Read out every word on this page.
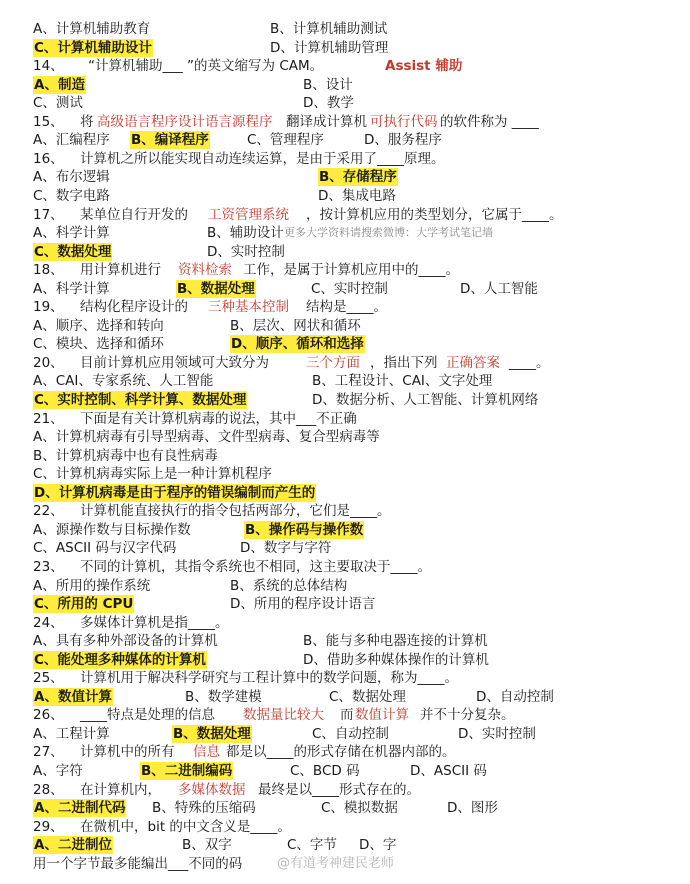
A、计算机辅助教育	B、计算机辅助测试
C、计算机辅助设计	D、计算机辅助管理
14、 “计算机辅助___ ”的英文缩写为 CAM。	Assist 辅助
A、制造	B、设计
C、测试	D、教学
15、 将 高级语言程序设计语言源程序 翻译成计算机 可执行代码 的软件称为 ____
A、汇编程序 B、编译程序	C、管理程序	D、服务程序
16、 计算机之所以能实现自动连续运算，是由于采用了____原理。
A、布尔逻辑	B、存储程序
C、数字电路	D、集成电路
17、 某单位自行开发的 工资管理系统 ，按计算机应用的类型划分，它属于____。
A、科学计算	B、辅助设计 更多大学资料请搜索微博：大学考试笔记墙
C、数据处理	D、实时控制
18、 用计算机进行 资料检索 工作，是属于计算机应用中的____。
A、科学计算	B、数据处理	C、实时控制	D、人工智能
19、 结构化程序设计的 三种基本控制 结构是____。
A、顺序、选择和转向	B、层次、网状和循环
C、模块、选择和循环	D、顺序、循环和选择
20、 目前计算机应用领域可大致分为	三个方面 ，指出下列 正确答案 ____。
A、CAI、专家系统、人工智能	B、工程设计、CAI、文字处理
C、实时控制、科学计算、数据处理	D、数据分析、人工智能、计算机网络
21、 下面是有关计算机病毒的说法，其中___不正确
A、计算机病毒有引导型病毒、文件型病毒、复合型病毒等
B、计算机病毒中也有良性病毒
C、计算机病毒实际上是一种计算机程序
D、计算机病毒是由于程序的错误编制而产生的
22、 计算机能直接执行的指令包括两部分，它们是____。
A、源操作数与目标操作数	B、操作码与操作数
C、ASCII 码与汉字代码	D、数字与字符
23、 不同的计算机，其指令系统也不相同，这主要取决于____。
A、所用的操作系统	B、系统的总体结构
C、所用的 CPU	D、所用的程序设计语言
24、 多媒体计算机是指____。
A、具有多种外部设备的计算机	B、能与多种电器连接的计算机
C、能处理多种媒体的计算机	D、借助多种媒体操作的计算机
25、 计算机用于解决科学研究与工程计算中的数学问题，称为____。
A、数值计算	B、数学建模	C、数据处理	D、自动控制
26、 ____特点是处理的信息 数据量比较大 而 数值计算 并不十分复杂。
A、工程计算	B、数据处理	C、自动控制	D、实时控制
27、 计算机中的所有 信息 都是以____的形式存储在机器内部的。
A、字符	B、二进制编码	C、BCD 码	D、ASCII 码
28、 在计算机内， 多媒体数据 最终是以____形式存在的。
A、二进制代码 B、特殊的压缩码	C、模拟数据	D、图形
29、 在微机中，bit 的中文含义是____。
A、二进制位	B、双字	C、字节 D、字
用一个字节最多能编出___不同的码	@有道考神建民老师
